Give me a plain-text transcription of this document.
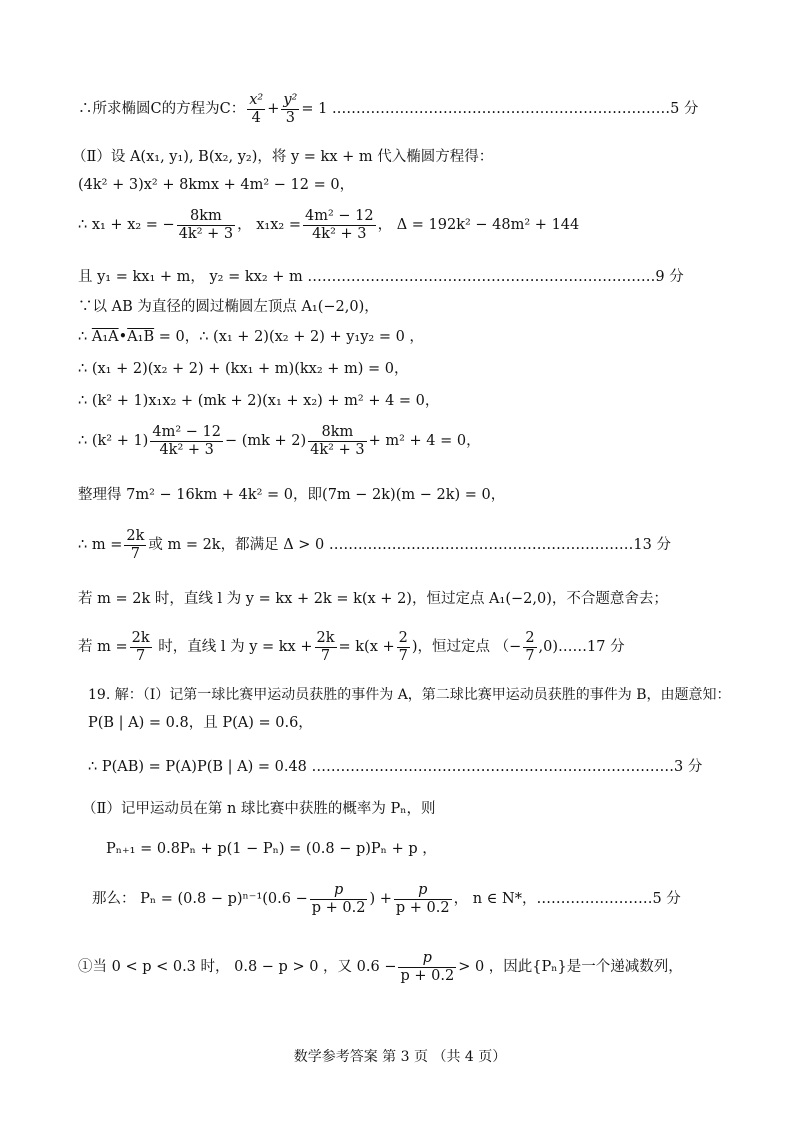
∴所求椭圆C的方程为C： $\frac{\text{x²}}{4} + \frac{\text{y²}}{3} = 1$ .……………………………………………………………5 分
（Ⅱ）设 A(x₁, y₁), B(x₂, y₂)，将 y = kx + m 代入椭圆方程得：
(4k² + 3)x² + 8kmx + 4m² − 12 = 0，
∴ x₁ + x₂ = − $\frac{8km}{\text{4k² + 3}}$ ， $x_1x_2 = \frac{\text{4m² − 12}}{\text{4k² + 3}}$ ， Δ = 192k² − 48m² + 144
且 y₁ = kx₁ + m， y₂ = kx₂ + m ………………………………………………………………9 分
∵以 AB 为直径的圆过椭圆左顶点 A₁(−2,0)，
∴ A₁A•A₁B = 0，∴ (x₁ + 2)(x₂ + 2) + y₁y₂ = 0 ，
∴ (x₁ + 2)(x₂ + 2) + (kx₁ + m)(kx₂ + m) = 0，
∴ (k² + 1)x₁x₂ + (mk + 2)(x₁ + x₂) + m² + 4 = 0，
∴ $(k^2 + 1) \frac{\text{4m² − 12}}{\text{4k² + 3}} - (mk + 2) \frac{8km}{\text{4k² + 3}} + m^2 + 4 = 0$，
整理得 7m² − 16km + 4k² = 0，即(7m − 2k)(m − 2k) = 0，
∴ $m = \frac{2k}{7}$ 或 m = 2k，都满足 Δ > 0 ………………………………………………………13 分
若 m = 2k 时，直线 l 为 y = kx + 2k = k(x + 2)，恒过定点 A₁(−2,0)，不合题意舍去；
若 $m = \frac{2k}{7}$ 时，直线 l 为 y = kx + $\frac{2k}{7} = k(x + \frac{2}{7}$ )，恒过定点 （− $\frac{2}{7}$ ,0)……17 分
19. 解：（Ⅰ）记第一球比赛甲运动员获胜的事件为 A，第二球比赛甲运动员获胜的事件为 B，由题意知：
P(B | A) = 0.8，且 P(A) = 0.6，
∴ P(AB) = P(A)P(B | A) = 0.48 …………………………………………………………………3 分
（Ⅱ）记甲运动员在第 n 球比赛中获胜的概率为 Pₙ，则
Pₙ₊₁ = 0.8Pₙ + p(1 − Pₙ) = (0.8 − p)Pₙ + p ，
那么： $P_n = (0.8 - p)^{n-1}(0.6 - \frac{p}{p + 0.2}$ ) + $\frac{p}{p + 0.2}$ ， n ∈ N*，……………………5 分
①当 0 < p < 0.3 时， 0.8 − p > 0 ，又 $0.6 - \frac{p}{p + 0.2} > 0$ ，因此{Pₙ}是一个递减数列，
数学参考答案 第 3 页 （共 4 页）
